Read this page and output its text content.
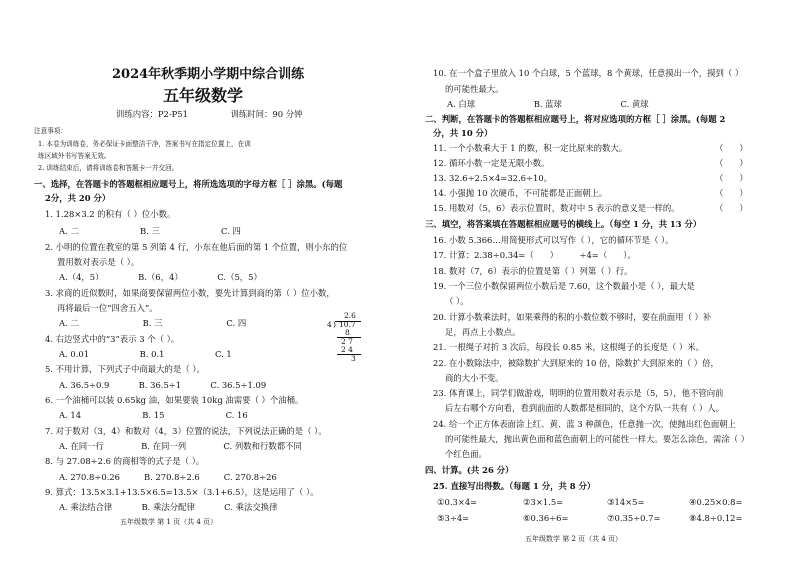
2024年秋季期小学期中综合训练
五年级数学
训练内容：P2-P51                训练时间：90 分钟
注意事项：
1. 本卷为训练卷，务必保证卡面整洁干净，答案书写在指定位置上，在训
练区域外书写答案无效。
2. 训练结束后，请将训练卷和答题卡一并交回。
一、选择，在答题卡的答题框相应题号上，将所选选项的字母方框［ ］涂黑。(每题
2分，共 20 分）
1. 1.28×3.2 的积有（ ）位小数。
A. 二                       B. 三                       C. 四
2. 小明的位置在教室的第 5 列第 4 行，小东在他后面的第 1 个位置，则小东的位
置用数对表示是（ ）。
A.（4，5）             B.（6，4）             C.（5，5）
3. 求商的近似数时，如果商要保留两位小数，要先计算到商的第（ ）位小数，
再将最后一位“四舍五入”。
A. 二                        B. 三                        C. 四
4. 右边竖式中的“3”表示 3 个（ ）。
A. 0.01                   B. 0.1                   C. 1
5. 不用计算，下列式子中商最大的是（ ）。
A. 36.5÷0.9           B. 36.5÷1           C. 36.5÷1.09
6. 一个油桶可以装 0.65kg 油，如果要装 10kg 油需要（ ）个油桶。
A. 14                       B. 15                       C. 16
7. 对于数对（3，4）和数对（4，3）位置的说法，下列说法正确的是（ ）。
A. 在同一行              B. 在同一列              C. 列数和行数都不同
8. 与 27.08÷2.6 的商相等的式子是（ ）。
A. 270.8÷0.26         B. 270.8÷2.6         C. 270.8÷26
9. 算式：13.5×3.1+13.5×6.5=13.5×（3.1+6.5），这是运用了（ ）。
A. 乘法结合律           B. 乘法分配律           C. 乘法交换律
2.6
4 ) 10.7
8
2 7
2 4
3
五年级数学 第 1 页（共 4 页）
10. 在一个盒子里放入 10 个白球，5 个蓝球，8 个黄球，任意摸出一个，摸到（ ）
的可能性最大。
A. 白球                      B. 蓝球                      C. 黄球
二、判断，在答题卡的答题框相应题号上，将对应选项的方框［ ］涂黑。(每题 2
分，共 10 分）
11. 一个小数乘大于 1 的数，积一定比原来的数大。	（      ）
12. 循环小数一定是无限小数。	（      ）
13. 32.6÷2.5×4=32.6÷10。	（      ）
14. 小强抛 10 次硬币，不可能都是正面朝上。	（      ）
15. 用数对（5，6）表示位置时，数对中 5 表示的意义是一样的。	（      ）
三、填空，将答案填在答题框相应题号的横线上。（每空 1 分，共 13 分）
16. 小数 5.366…用简便形式可以写作（ ），它的循环节是（ ）。
17. 计算：2.38÷0.34=（      ）        ÷4=（      ）。
18. 数对（7，6）表示的位置是第（ ）列第（ ）行。
19. 一个三位小数保留两位小数后是 7.60，这个数最小是（ ），最大是
（ ）。
20. 计算小数乘法时，如果乘得的积的小数位数不够时，要在前面用（ ）补
足，再点上小数点。
21. 一根绳子对折 3 次后，每段长 0.85 米，这根绳子的长度是（ ）米。
22. 在小数除法中，被除数扩大到原来的 10 倍，除数扩大到原来的（ ）倍，
商的大小不变。
23. 体育课上，同学们做游戏，明明的位置用数对表示是（5，5），他不管向前
后左右哪个方向看，看到前面的人数都是相同的，这个方队一共有（ ）人。
24. 给一个正方体表面涂上红、黄、蓝 3 种颜色，任意抛一次，使抛出红色面朝上
的可能性最大，抛出黄色面和蓝色面朝上的可能性一样大。要怎么涂色，需涂（ ）
个红色面。
四、计算。(共 26 分）
25. 直接写出得数。（每题 1 分，共 8 分）
①0.3×4=	②3×1.5=	③14×5=	④0.25×0.8=
⑤3÷4=	⑥0.36÷6=	⑦0.35÷0.7=	⑧4.8÷0.12=
五年级数学 第 2 页（共 4 页）
